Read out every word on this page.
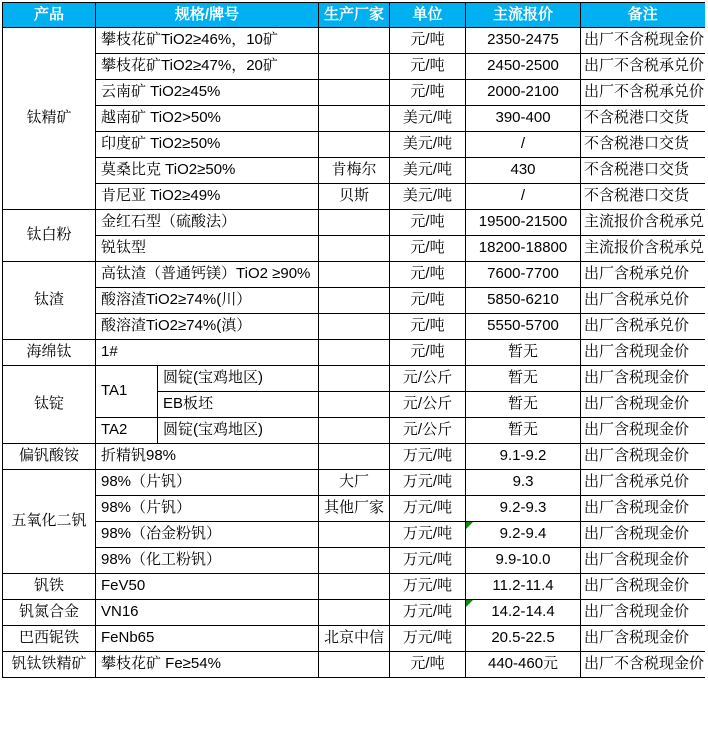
产品	规格/牌号		生产厂家	单位	主流报价	备注
钛精矿	攀枝花矿TiO2≥46%，10矿			元/吨	2350-2475	出厂不含税现金价
	攀枝花矿TiO2≥47%，20矿			元/吨	2450-2500	出厂不含税承兑价
	云南矿 TiO2≥45%			元/吨	2000-2100	出厂不含税承兑价
	越南矿 TiO2>50%			美元/吨	390-400	不含税港口交货
	印度矿 TiO2≥50%			美元/吨	/	不含税港口交货
	莫桑比克 TiO2≥50%		肯梅尔	美元/吨	430	不含税港口交货
	肯尼亚 TiO2≥49%		贝斯	美元/吨	/	不含税港口交货
钛白粉	金红石型（硫酸法）			元/吨	19500-21500	主流报价含税承兑
	锐钛型			元/吨	18200-18800	主流报价含税承兑
钛渣	高钛渣（普通钙镁）TiO2 ≥90%			元/吨	7600-7700	出厂含税承兑价
	酸溶渣TiO2≥74%(川）			元/吨	5850-6210	出厂含税承兑价
	酸溶渣TiO2≥74%(滇）			元/吨	5550-5700	出厂含税承兑价
海绵钛	1#			元/吨	暂无	出厂含税现金价
钛锭	TA1	圆锭(宝鸡地区)		元/公斤	暂无	出厂含税现金价
		EB板坯		元/公斤	暂无	出厂含税现金价
	TA2	圆锭(宝鸡地区)		元/公斤	暂无	出厂含税现金价
偏钒酸铵	折精钒98%			万元/吨	9.1-9.2	出厂含税现金价
五氧化二钒	98%（片钒）		大厂	万元/吨	9.3	出厂含税承兑价
	98%（片钒）		其他厂家	万元/吨	9.2-9.3	出厂含税现金价
	98%（冶金粉钒）			万元/吨	9.2-9.4	出厂含税现金价
	98%（化工粉钒）			万元/吨	9.9-10.0	出厂含税现金价
钒铁	FeV50			万元/吨	11.2-11.4	出厂含税现金价
钒氮合金	VN16			万元/吨	14.2-14.4	出厂含税现金价
巴西铌铁	FeNb65		北京中信	万元/吨	20.5-22.5	出厂含税现金价
钒钛铁精矿	攀枝花矿 Fe≥54%			元/吨	440-460元	出厂不含税现金价
